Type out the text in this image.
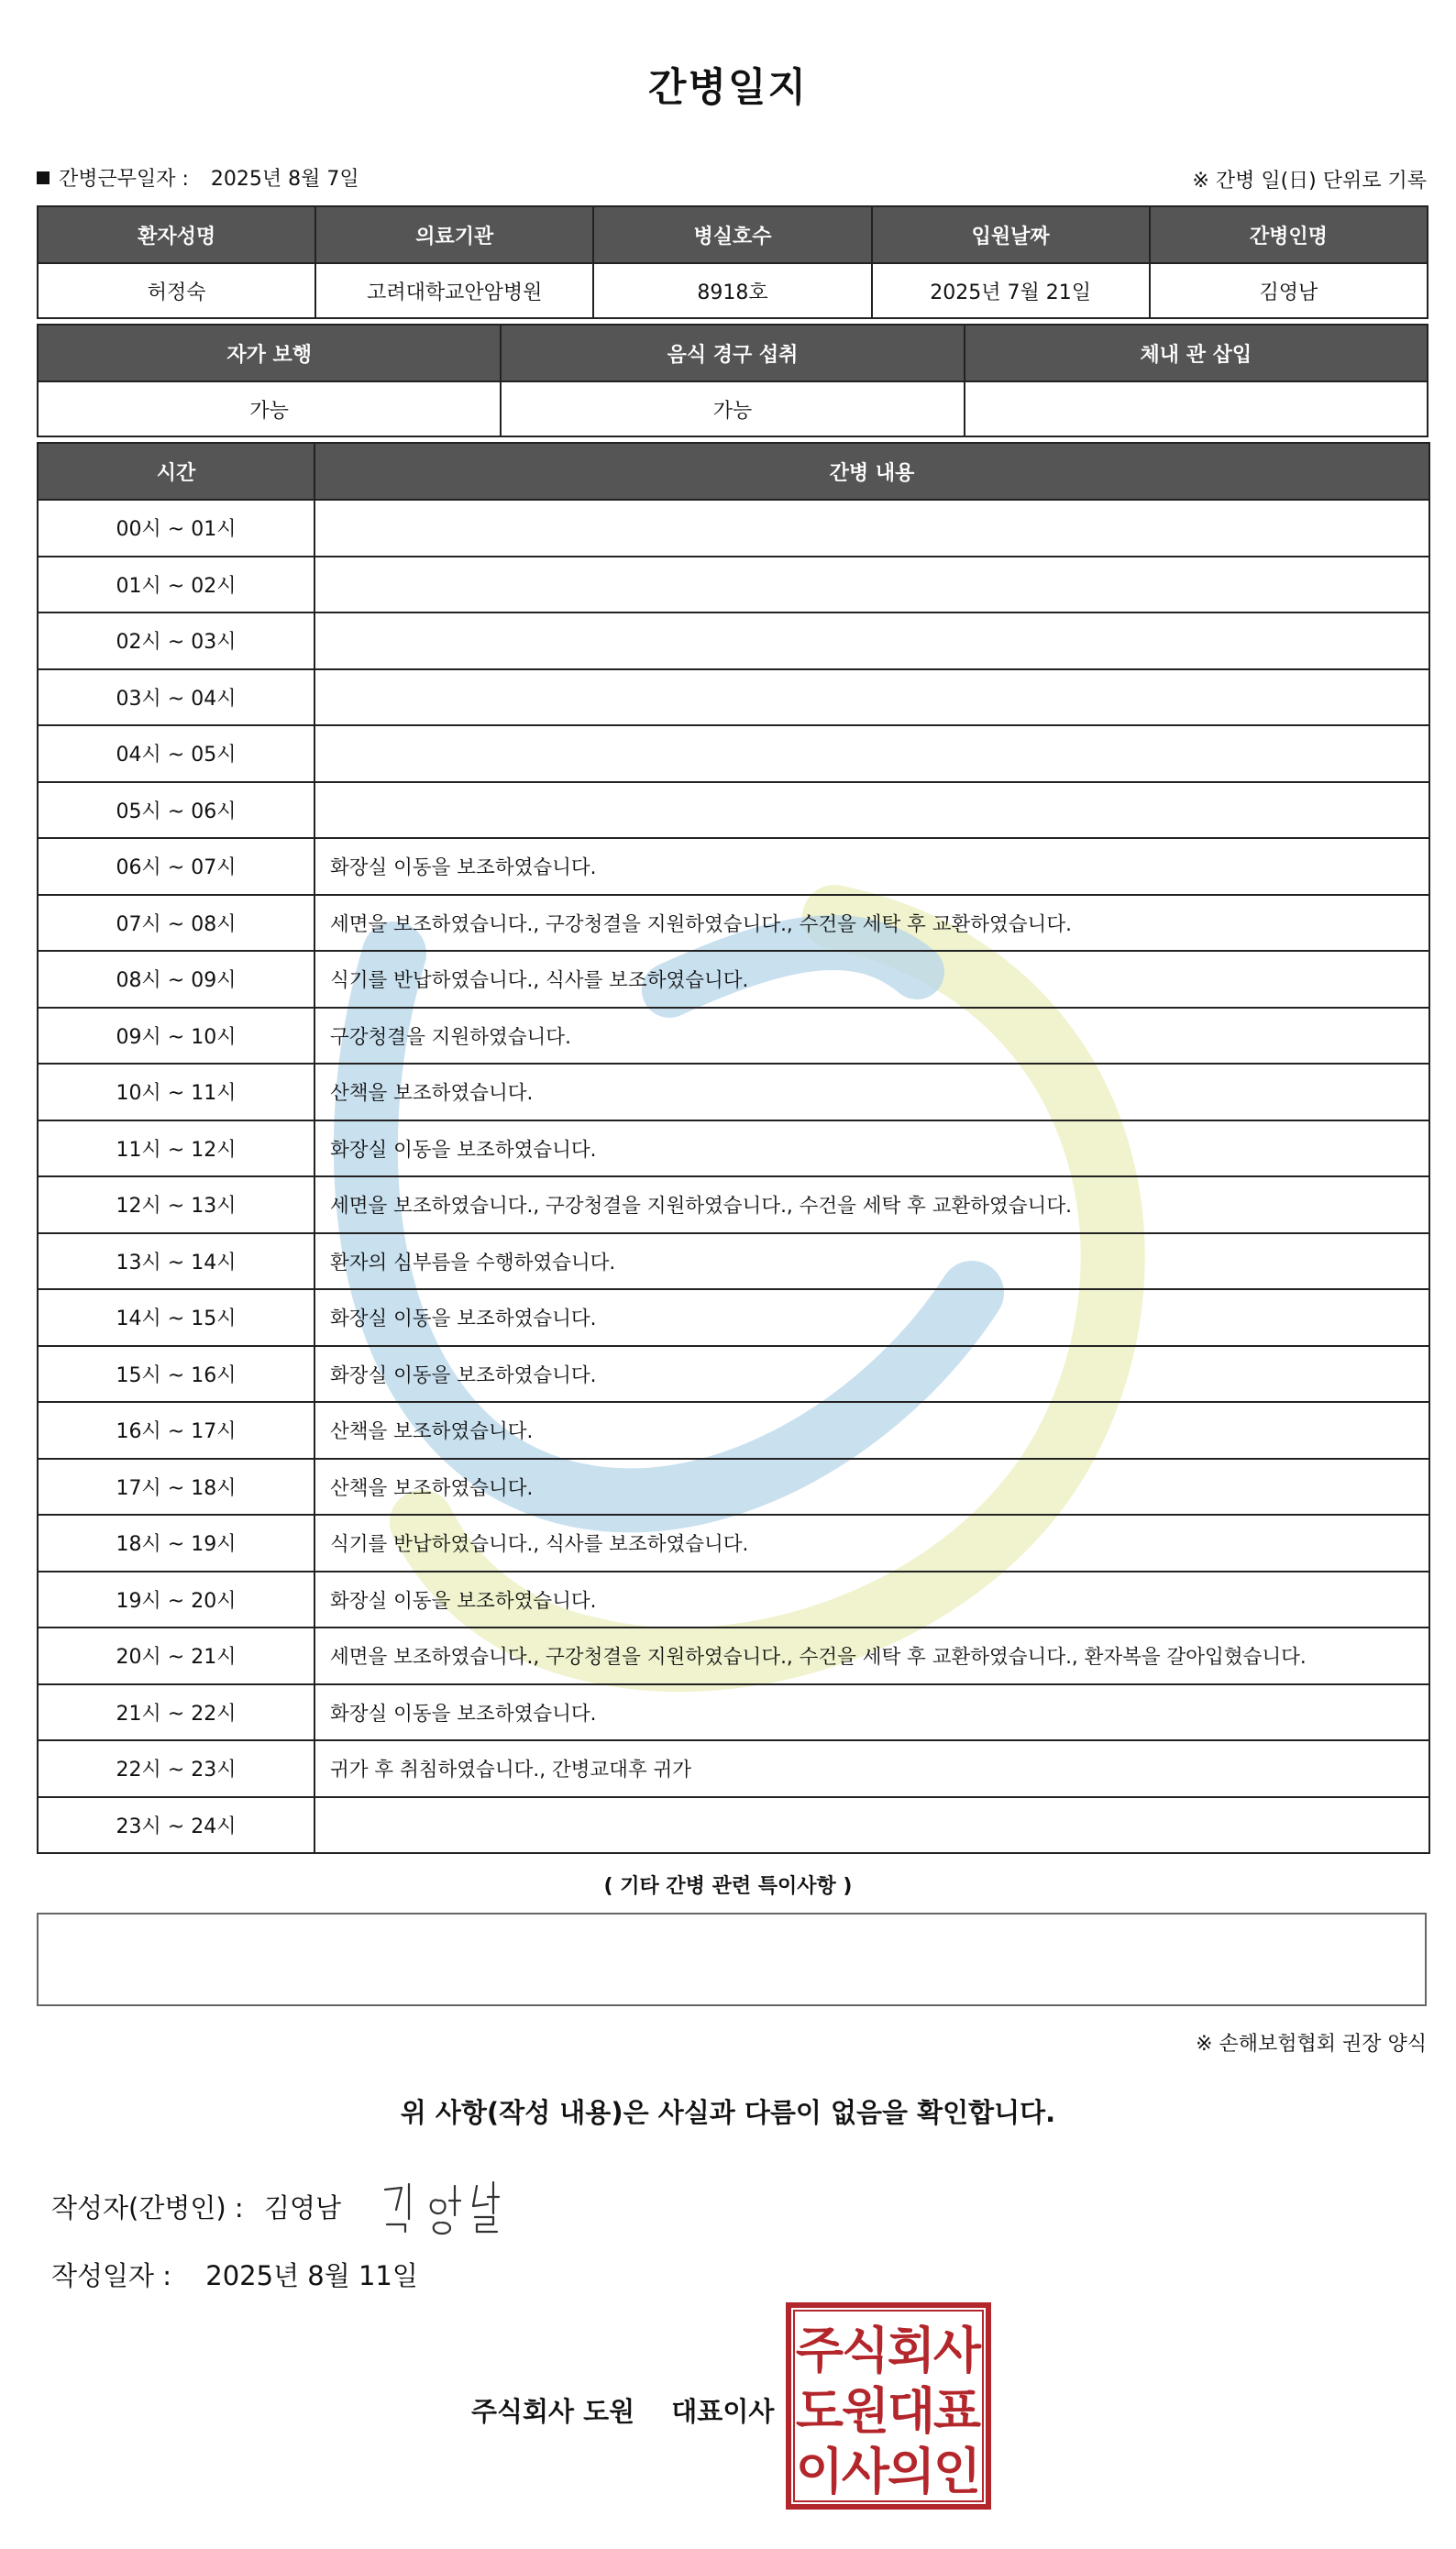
간병일지
간병근무일자 : 2025년 8월 7일	※ 간병 일(日) 단위로 기록
환자성명	의료기관	병실호수	입원날짜	간병인명
허정숙	고려대학교안암병원	8918호	2025년 7월 21일	김영남
자가 보행	음식 경구 섭취	체내 관 삽입
가능	가능	
시간	간병 내용
00시 ~ 01시	
01시 ~ 02시	
02시 ~ 03시	
03시 ~ 04시	
04시 ~ 05시	
05시 ~ 06시	
06시 ~ 07시	화장실 이동을 보조하였습니다.
07시 ~ 08시	세면을 보조하였습니다., 구강청결을 지원하였습니다., 수건을 세탁 후 교환하였습니다.
08시 ~ 09시	식기를 반납하였습니다., 식사를 보조하였습니다.
09시 ~ 10시	구강청결을 지원하였습니다.
10시 ~ 11시	산책을 보조하였습니다.
11시 ~ 12시	화장실 이동을 보조하였습니다.
12시 ~ 13시	세면을 보조하였습니다., 구강청결을 지원하였습니다., 수건을 세탁 후 교환하였습니다.
13시 ~ 14시	환자의 심부름을 수행하였습니다.
14시 ~ 15시	화장실 이동을 보조하였습니다.
15시 ~ 16시	화장실 이동을 보조하였습니다.
16시 ~ 17시	산책을 보조하였습니다.
17시 ~ 18시	산책을 보조하였습니다.
18시 ~ 19시	식기를 반납하였습니다., 식사를 보조하였습니다.
19시 ~ 20시	화장실 이동을 보조하였습니다.
20시 ~ 21시	세면을 보조하였습니다., 구강청결을 지원하였습니다., 수건을 세탁 후 교환하였습니다., 환자복을 갈아입혔습니다.
21시 ~ 22시	화장실 이동을 보조하였습니다.
22시 ~ 23시	귀가 후 취침하였습니다., 간병교대후 귀가
23시 ~ 24시	
( 기타 간병 관련 특이사항 )
※ 손해보험협회 권장 양식
위 사항(작성 내용)은 사실과 다름이 없음을 확인합니다.
작성자(간병인) : 김영남
작성일자 : 2025년 8월 11일
주식회사 도원 대표이사
주
식
회
사
도
원
대
표
이
사
의
인
